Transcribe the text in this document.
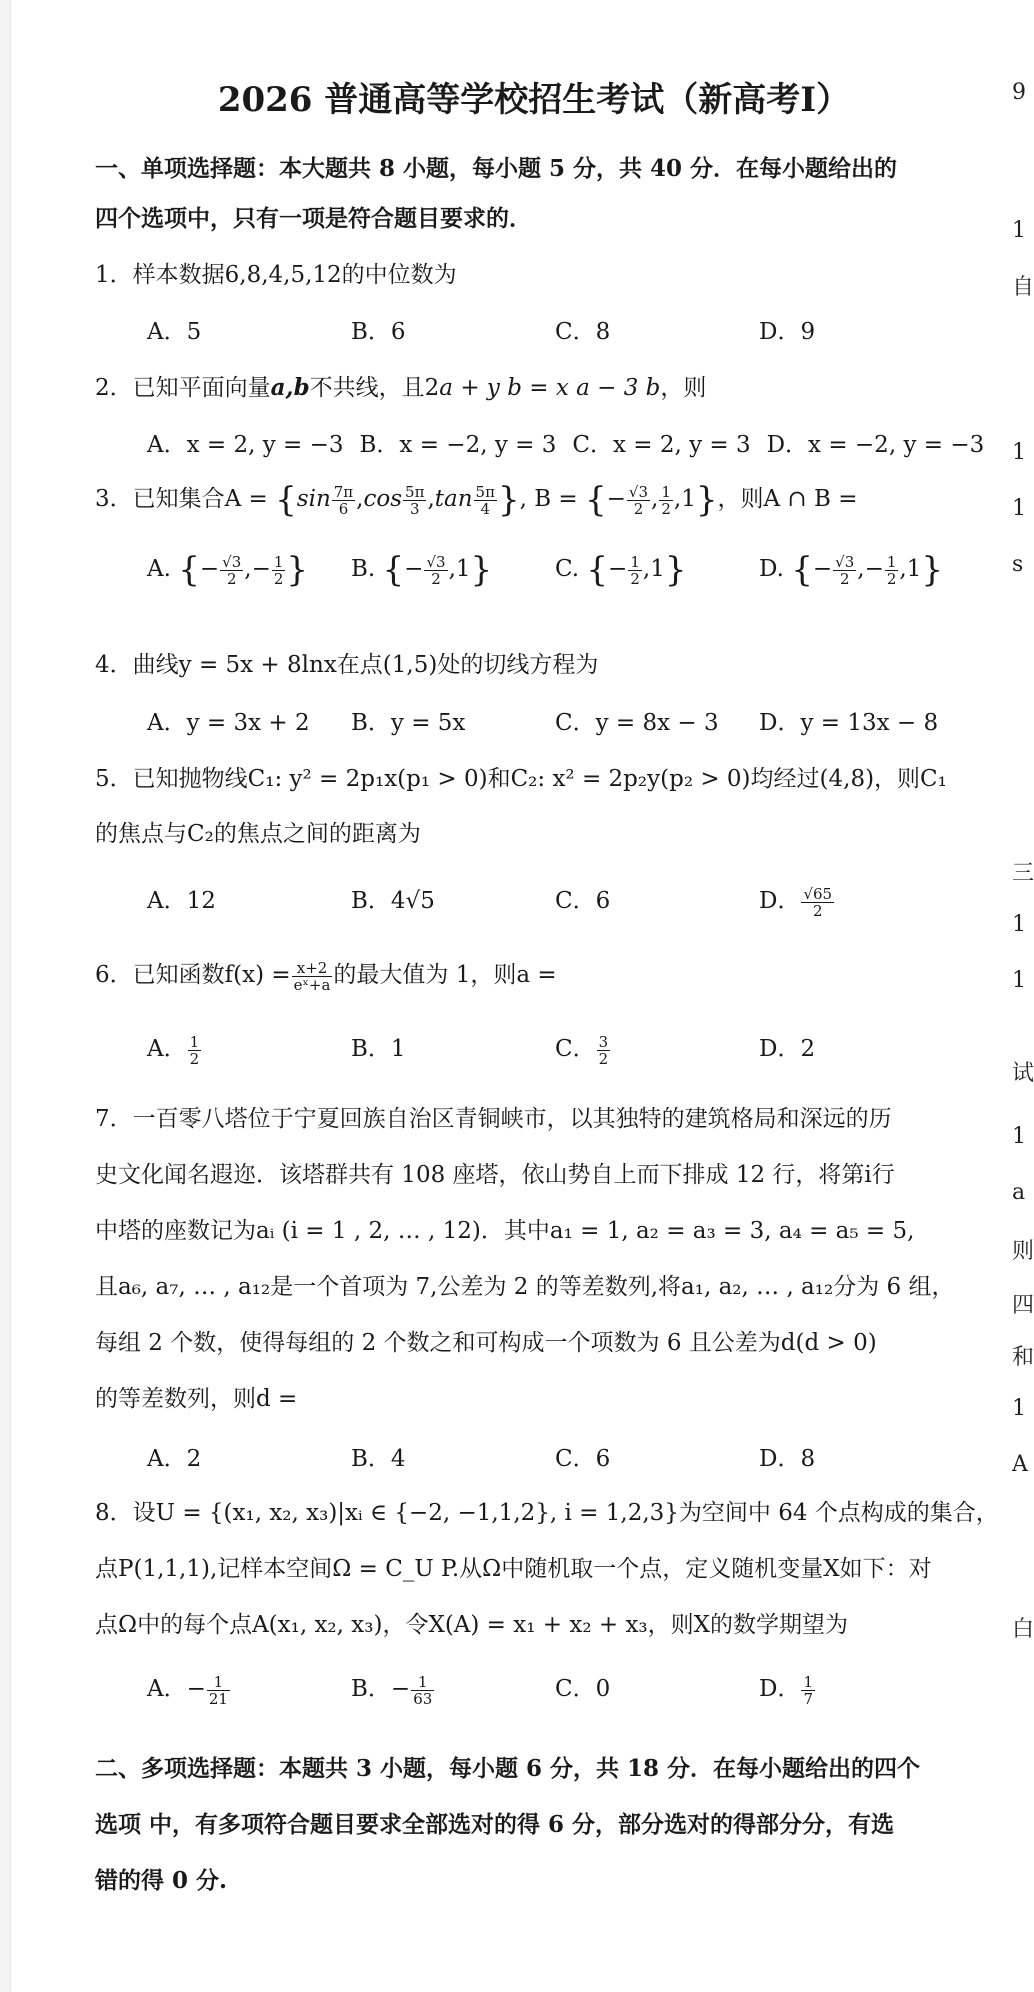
2026 普通高等学校招生考试（新高考Ⅰ）
一、单项选择题：本大题共 8 小题，每小题 5 分，共 40 分．在每小题给出的
四个选项中，只有一项是符合题目要求的．
1．样本数据6,8,4,5,12的中位数为
A．5	B．6	C．8	D．9
2．已知平面向量a,b不共线，且2a + y b = x a − 3 b，则
A．x = 2, y = −3 B．x = −2, y = 3 C．x = 2, y = 3 D．x = −2, y = −3
3．已知集合$A = \{\sin \frac{7\pi}{6} ,\cos \frac{5\pi}{3} ,\tan \frac{5\pi}{4}$ }, B = {− $\frac{√3}{2}$ , $\frac{1}{2} ,1$}，则A ∩ B =
A. {− $\frac{√3}{2}$ ,− $\frac{1}{2}$ } B. {− $\frac{√3}{2} ,1$}	C. {− $\frac{1}{2} ,1$}	D. {− $\frac{√3}{2}$ ,− $\frac{1}{2} ,1$}
4．曲线y = 5x + 8lnx在点(1,5)处的切线方程为
A．y = 3x + 2 B．y = 5x	C．y = 8x − 3 D．y = 13x − 8
5．已知抛物线C₁: y² = 2p₁x(p₁ > 0)和C₂: x² = 2p₂y(p₂ > 0)均经过(4,8)，则C₁
的焦点与C₂的焦点之间的距离为
A．12	B．4√5	C．6	D． $\frac{√65}{2}$
6．已知函数$f(x) = \frac{x+2}{\text{eˣ+a}}$ 的最大值为 1，则a =
A． $\frac{1}{2}$	B．1	C． $\frac{3}{2}$	D．2
7．一百零八塔位于宁夏回族自治区青铜峡市，以其独特的建筑格局和深远的历
史文化闻名遐迩．该塔群共有 108 座塔，依山势自上而下排成 12 行，将第i行
中塔的座数记为aᵢ (i = 1 , 2, … , 12)．其中a₁ = 1, a₂ = a₃ = 3, a₄ = a₅ = 5,
且a₆, a₇, … , a₁₂是一个首项为 7,公差为 2 的等差数列,将a₁, a₂, … , a₁₂分为 6 组，
每组 2 个数，使得每组的 2 个数之和可构成一个项数为 6 且公差为d(d > 0)
的等差数列，则d =
A．2	B．4	C．6	D．8
8．设U = {(x₁, x₂, x₃)|xᵢ ∈ {−2, −1,1,2}, i = 1,2,3}为空间中 64 个点构成的集合，
点P(1,1,1),记样本空间Ω = C_U P.从Ω中随机取一个点，定义随机变量X如下：对
点Ω中的每个点A(x₁, x₂, x₃)，令X(A) = x₁ + x₂ + x₃，则X的数学期望为
A．− $\frac{1}{21}$	B．− $\frac{1}{63}$	C．0	D． $\frac{1}{7}$
二、多项选择题：本题共 3 小题，每小题 6 分，共 18 分．在每小题给出的四个
选项 中，有多项符合题目要求全部选对的得 6 分，部分选对的得部分分，有选
错的得 0 分.
9
1
自
1
1
s
三
1
1
试
1
a
则
四
和
1
A
白
